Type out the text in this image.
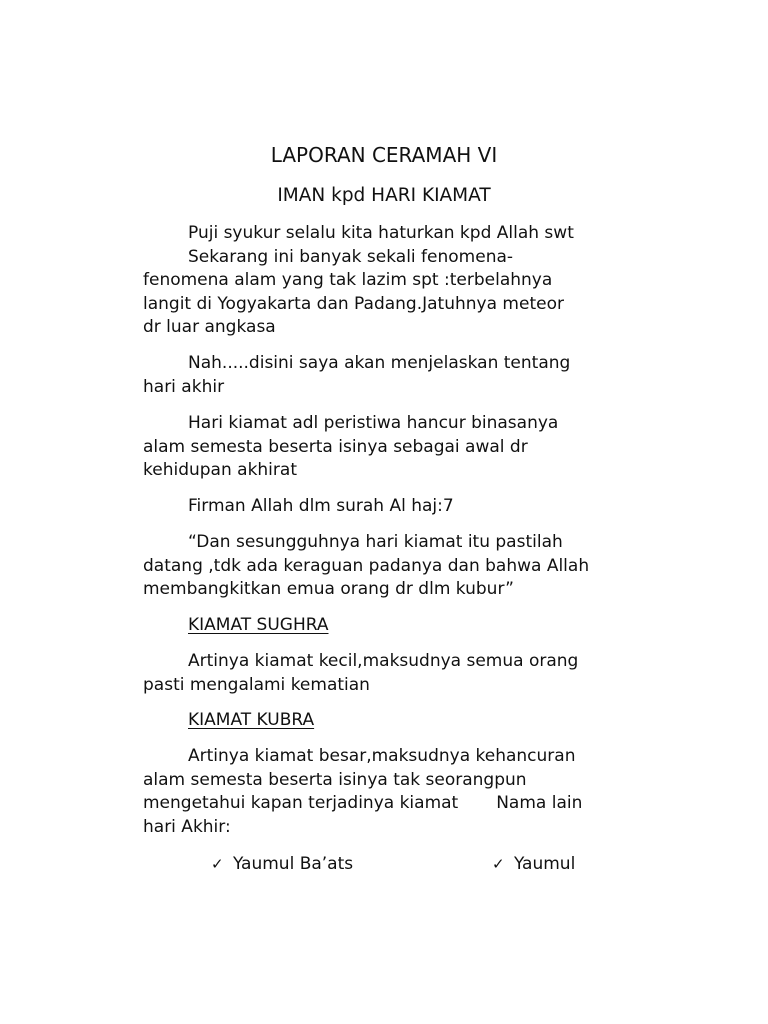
LAPORAN CERAMAH VI
IMAN kpd HARI KIAMAT
Puji syukur selalu kita haturkan kpd Allah swt
Sekarang ini banyak sekali fenomena-
fenomena alam yang tak lazim spt :terbelahnya
langit di Yogyakarta dan Padang.Jatuhnya meteor
dr luar angkasa
Nah.....disini saya akan menjelaskan tentang
hari akhir
Hari kiamat adl peristiwa hancur binasanya
alam semesta beserta isinya sebagai awal dr
kehidupan akhirat
Firman Allah dlm surah Al haj:7
“Dan sesungguhnya hari kiamat itu pastilah
datang ,tdk ada keraguan padanya dan bahwa Allah
membangkitkan emua orang dr dlm kubur”
KIAMAT SUGHRA
Artinya kiamat kecil,maksudnya semua orang
pasti mengalami kematian
KIAMAT KUBRA
Artinya kiamat besar,maksudnya kehancuran
alam semesta beserta isinya tak seorangpun
mengetahui kapan terjadinya kiamat Nama lain
hari Akhir:
✓ Yaumul Ba’ats	✓ Yaumul
